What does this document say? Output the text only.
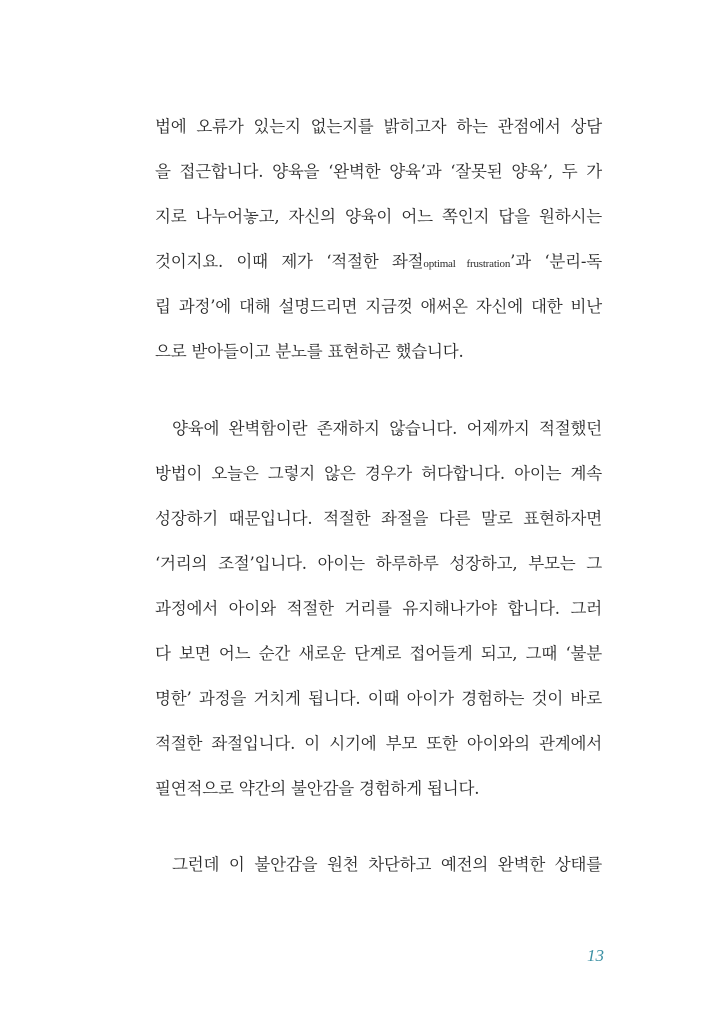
법에 오류가 있는지 없는지를 밝히고자 하는 관점에서 상담
을 접근합니다. 양육을 ‘완벽한 양육’과 ‘잘못된 양육’, 두 가
지로 나누어놓고, 자신의 양육이 어느 쪽인지 답을 원하시는
것이지요. 이때 제가 ‘적절한 좌절optimal frustration’과 ‘분리-독
립 과정’에 대해 설명드리면 지금껏 애써온 자신에 대한 비난
으로 받아들이고 분노를 표현하곤 했습니다.
양육에 완벽함이란 존재하지 않습니다. 어제까지 적절했던
방법이 오늘은 그렇지 않은 경우가 허다합니다. 아이는 계속
성장하기 때문입니다. 적절한 좌절을 다른 말로 표현하자면
‘거리의 조절’입니다. 아이는 하루하루 성장하고, 부모는 그
과정에서 아이와 적절한 거리를 유지해나가야 합니다. 그러
다 보면 어느 순간 새로운 단계로 접어들게 되고, 그때 ‘불분
명한’ 과정을 거치게 됩니다. 이때 아이가 경험하는 것이 바로
적절한 좌절입니다. 이 시기에 부모 또한 아이와의 관계에서
필연적으로 약간의 불안감을 경험하게 됩니다.
그런데 이 불안감을 원천 차단하고 예전의 완벽한 상태를
13
